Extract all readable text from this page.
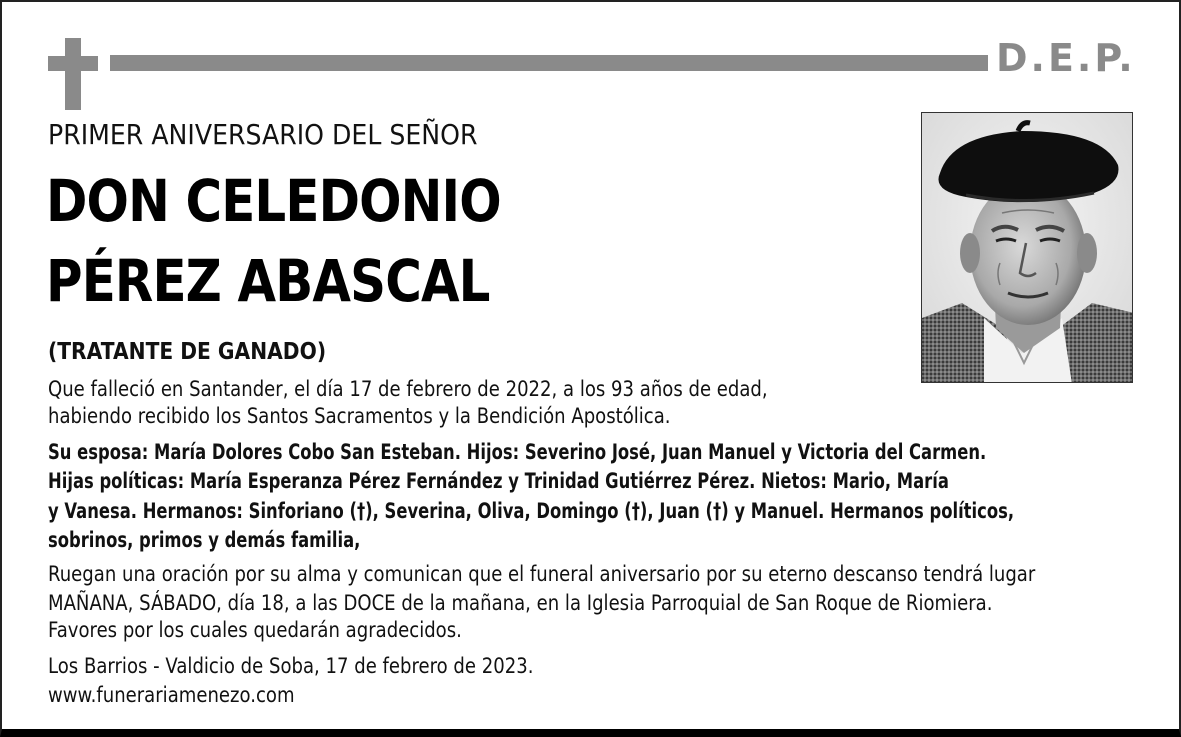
D.E.P.
PRIMER ANIVERSARIO DEL SEÑOR
DON CELEDONIO
PÉREZ ABASCAL
(TRATANTE DE GANADO)
Que falleció en Santander, el día 17 de febrero de 2022, a los 93 años de edad,
habiendo recibido los Santos Sacramentos y la Bendición Apostólica.
Su esposa: María Dolores Cobo San Esteban. Hijos: Severino José, Juan Manuel y Victoria del Carmen.
Hijas políticas: María Esperanza Pérez Fernández y Trinidad Gutiérrez Pérez. Nietos: Mario, María
y Vanesa. Hermanos: Sinforiano (†), Severina, Oliva, Domingo (†), Juan (†) y Manuel. Hermanos políticos,
sobrinos, primos y demás familia,
Ruegan una oración por su alma y comunican que el funeral aniversario por su eterno descanso tendrá lugar
MAÑANA, SÁBADO, día 18, a las DOCE de la mañana, en la Iglesia Parroquial de San Roque de Riomiera.
Favores por los cuales quedarán agradecidos.
Los Barrios - Valdicio de Soba, 17 de febrero de 2023.
www.funerariamenezo.com
